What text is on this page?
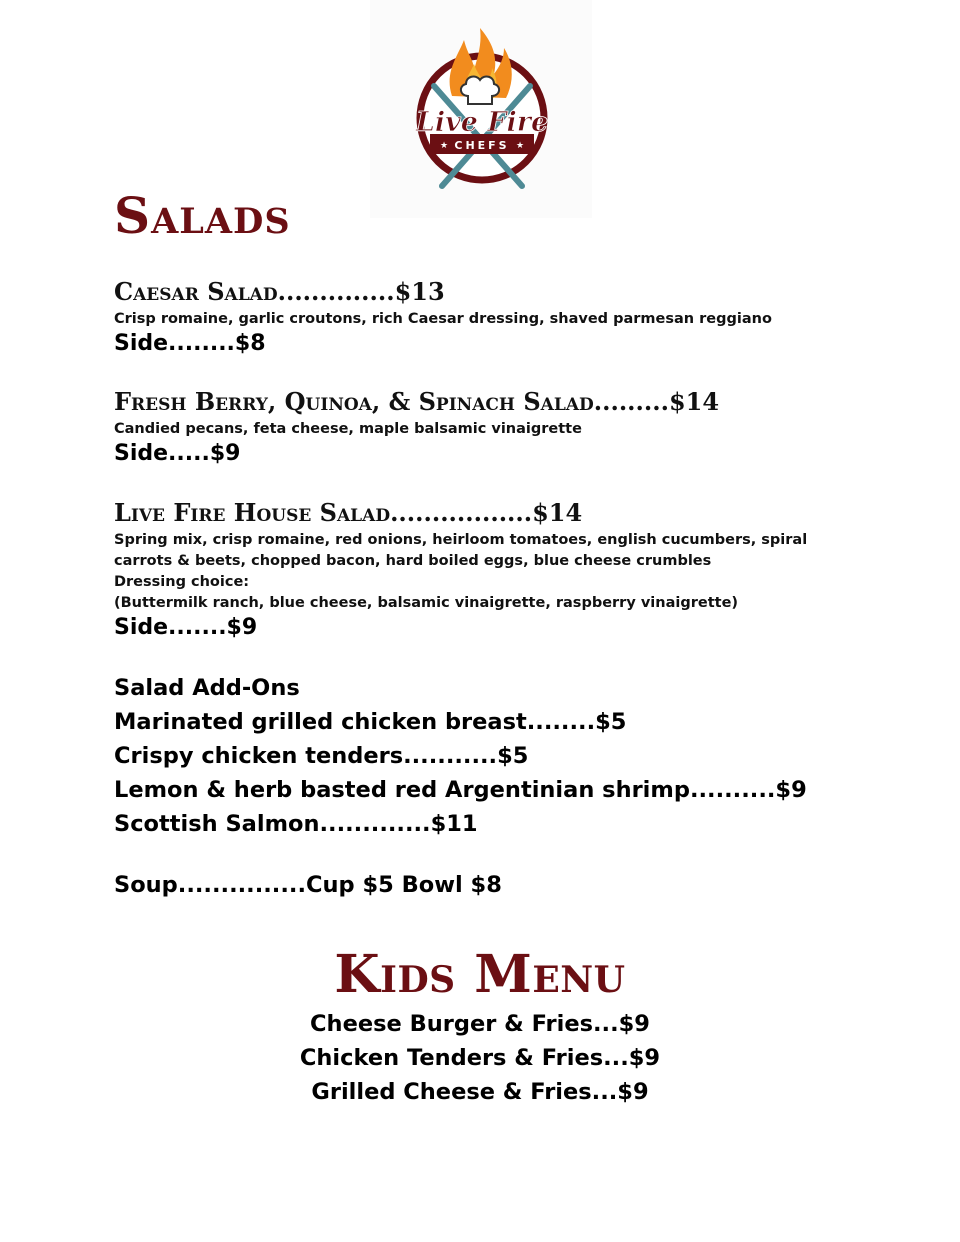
Live Fire
CHEFS
★	★
Salads
Caesar Salad..............$13

Crisp romaine, garlic croutons, rich Caesar dressing, shaved parmesan reggiano

Side........$8

Fresh Berry, Quinoa, & Spinach Salad.........$14

Candied pecans, feta cheese, maple balsamic vinaigrette

Side.....$9

Live Fire House Salad.................$14

Spring mix, crisp romaine, red onions, heirloom tomatoes, english cucumbers, spiral carrots & beets, chopped bacon, hard boiled eggs, blue cheese crumbles

Dressing choice:

(Buttermilk ranch, blue cheese, balsamic vinaigrette, raspberry vinaigrette)

Side.......$9

Salad Add-Ons

Marinated grilled chicken breast........$5

Crispy chicken tenders...........$5

Lemon & herb basted red Argentinian shrimp..........$9

Scottish Salmon.............$11

Soup...............Cup $5 Bowl $8

Kids Menu

Cheese Burger & Fries...$9

Chicken Tenders & Fries...$9

Grilled Cheese & Fries...$9
